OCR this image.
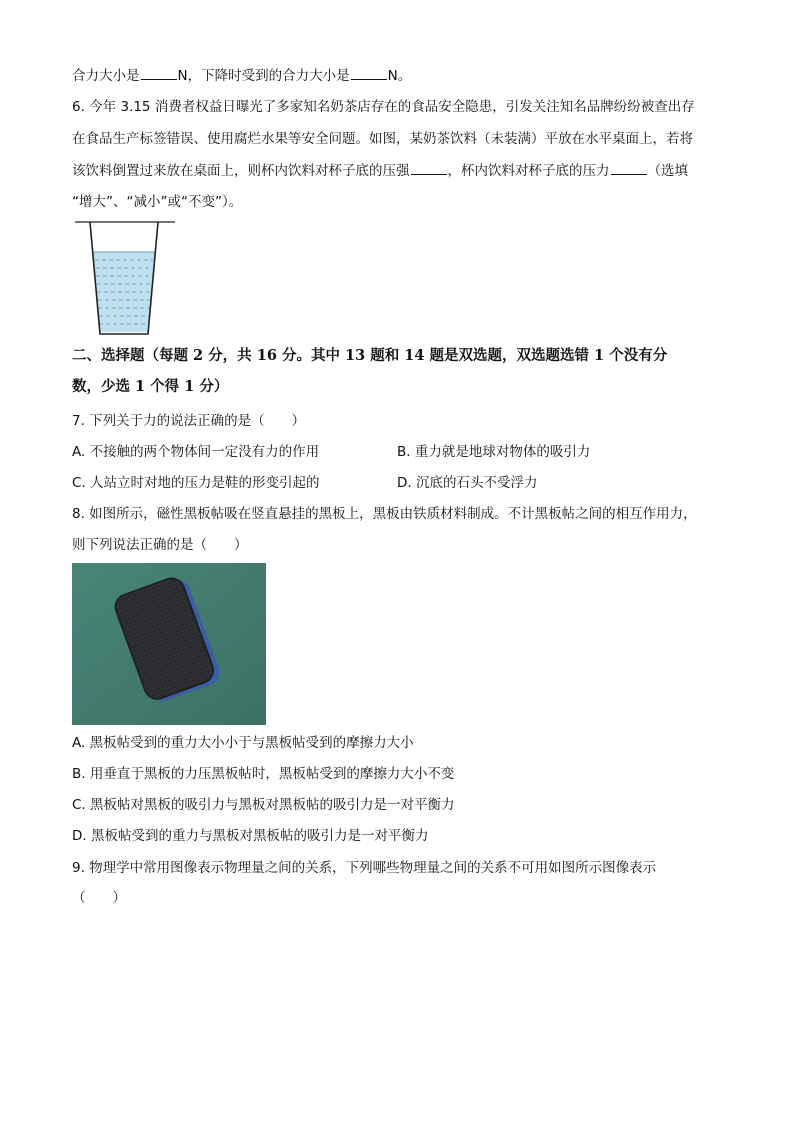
合力大小是	N，下降时受到的合力大小是	N。
6. 今年 3.15 消费者权益日曝光了多家知名奶茶店存在的食品安全隐患，引发关注知名品牌纷纷被查出存
在食品生产标签错误、使用腐烂水果等安全问题。如图，某奶茶饮料（未装满）平放在水平桌面上，若将
该饮料倒置过来放在桌面上，则杯内饮料对杯子底的压强	，杯内饮料对杯子底的压力	（选填
“增大”、“减小”或“不变”）。
二、选择题（每题 2 分，共 16 分。其中 13 题和 14 题是双选题，双选题选错 1 个没有分
数，少选 1 个得 1 分）
7. 下列关于力的说法正确的是（　　）
A. 不接触的两个物体间一定没有力的作用	B. 重力就是地球对物体的吸引力
C. 人站立时对地的压力是鞋的形变引起的	D. 沉底的石头不受浮力
8. 如图所示，磁性黑板帖吸在竖直悬挂的黑板上，黑板由铁质材料制成。不计黑板帖之间的相互作用力，
则下列说法正确的是（　　）
A. 黑板帖受到的重力大小小于与黑板帖受到的摩擦力大小
B. 用垂直于黑板的力压黑板帖时，黑板帖受到的摩擦力大小不变
C. 黑板帖对黑板的吸引力与黑板对黑板帖的吸引力是一对平衡力
D. 黑板帖受到的重力与黑板对黑板帖的吸引力是一对平衡力
9. 物理学中常用图像表示物理量之间的关系，下列哪些物理量之间的关系不可用如图所示图像表示
（　　）
